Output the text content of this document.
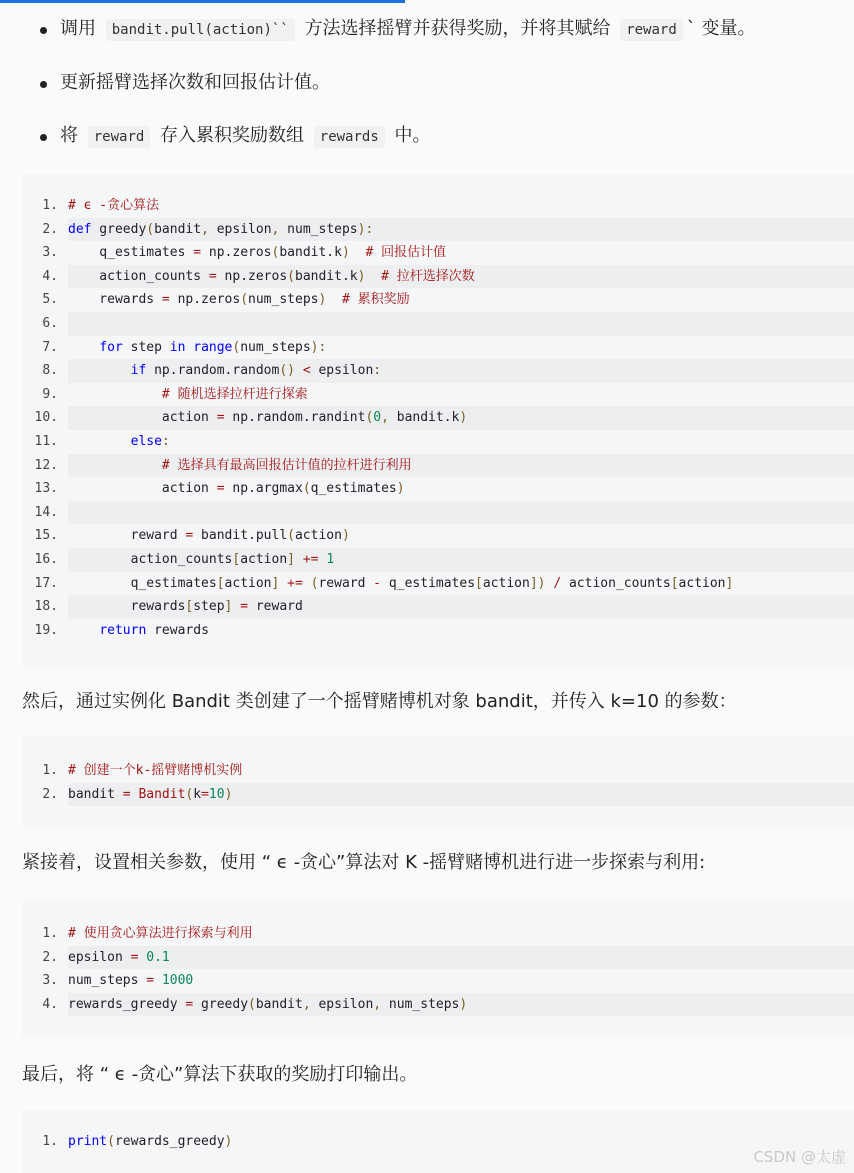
调用 bandit.pull(action)`` 方法选择摇臂并获得奖励，并将其赋给 reward ` 变量。
更新摇臂选择次数和回报估计值。
将 reward 存入累积奖励数组 rewards 中。
1. # ϵ -贪心算法
2. def greedy(bandit, epsilon, num_steps):
3. q_estimates = np.zeros(bandit.k) # 回报估计值
4. action_counts = np.zeros(bandit.k) # 拉杆选择次数
5. rewards = np.zeros(num_steps) # 累积奖励
6.
7.	for step in range(num_steps):
8.	if np.random.random() < epsilon:
9.	# 随机选择拉杆进行探索
10. action = np.random.randint(0, bandit.k)
11.	else:
12.	# 选择具有最高回报估计值的拉杆进行利用
13. action = np.argmax(q_estimates)
14.
15. reward = bandit.pull(action)
16. action_counts[action] += 1
17. q_estimates[action] += (reward - q_estimates[action]) / action_counts[action]
18. rewards[step] = reward
19.	return rewards
然后，通过实例化 Bandit 类创建了一个摇臂赌博机对象 bandit，并传入 k=10 的参数：
1. # 创建一个k-摇臂赌博机实例
2. bandit = Bandit(k=10)
紧接着，设置相关参数，使用 “ ϵ -贪心”算法对 K -摇臂赌博机进行进一步探索与利用:
1. # 使用贪心算法进行探索与利用
2. epsilon = 0.1
3. num_steps = 1000
4. rewards_greedy = greedy(bandit, epsilon, num_steps)
最后，将 “ ϵ -贪心”算法下获取的奖励打印输出。
1. print(rewards_greedy)
CSDN @太虚
